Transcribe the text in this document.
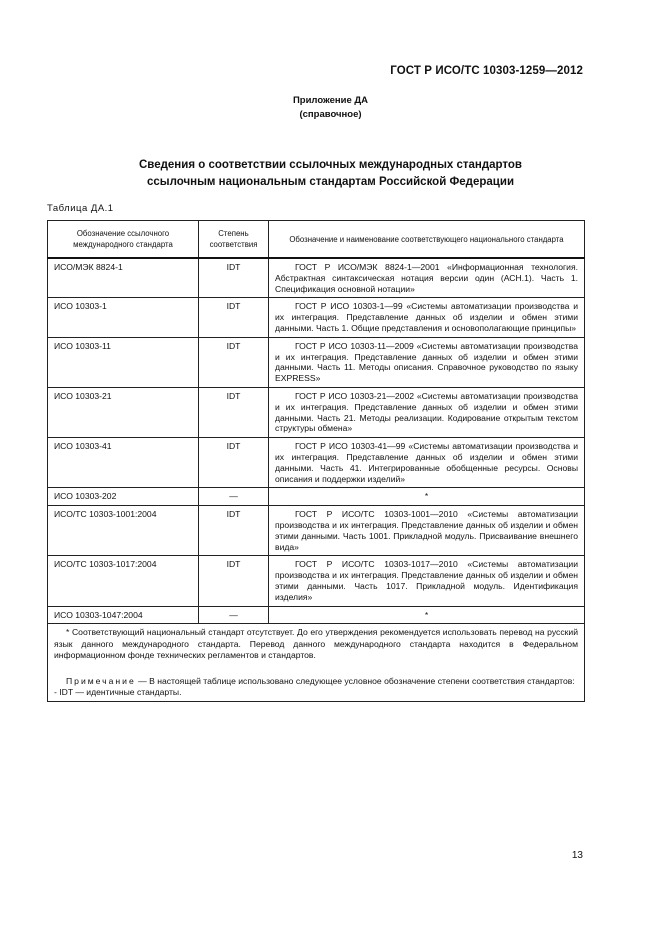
ГОСТ Р ИСО/ТС 10303-1259—2012
Приложение ДА
(справочное)
Сведения о соответствии ссылочных международных стандартов
ссылочным национальным стандартам Российской Федерации
Таблица ДА.1
Обозначение ссылочного международного стандарта	Степень соответствия	Обозначение и наименование соответствующего национального стандарта
ИСО/МЭК 8824-1	IDT	ГОСТ Р ИСО/МЭК 8824-1—2001 «Информационная технология. Абстрактная синтаксическая нотация версии один (АСН.1). Часть 1. Спецификация основной нотации»
ИСО 10303-1	IDT	ГОСТ Р ИСО 10303-1—99 «Системы автоматизации производства и их интеграция. Представление данных об изделии и обмен этими данными. Часть 1. Общие представления и основополагающие принципы»
ИСО 10303-11	IDT	ГОСТ Р ИСО 10303-11—2009 «Системы автоматизации производства и их интеграция. Представление данных об изделии и обмен этими данными. Часть 11. Методы описания. Справочное руководство по языку EXPRESS»
ИСО 10303-21	IDT	ГОСТ Р ИСО 10303-21—2002 «Системы автоматизации производства и их интеграция. Представление данных об изделии и обмен этими данными. Часть 21. Методы реализации. Кодирование открытым текстом структуры обмена»
ИСО 10303-41	IDT	ГОСТ Р ИСО 10303-41—99 «Системы автоматизации производства и их интеграция. Представление данных об изделии и обмен этими данными. Часть 41. Интегрированные обобщенные ресурсы. Основы описания и поддержки изделий»
ИСО 10303-202	—	*
ИСО/ТС 10303-1001:2004	IDT	ГОСТ Р ИСО/ТС 10303-1001—2010 «Системы автоматизации производства и их интеграция. Представление данных об изделии и обмен этими данными. Часть 1001. Прикладной модуль. Присваивание внешнего вида»
ИСО/ТС 10303-1017:2004	IDT	ГОСТ Р ИСО/ТС 10303-1017—2010 «Системы автоматизации производства и их интеграция. Представление данных об изделии и обмен этими данными. Часть 1017. Прикладной модуль. Идентификация изделия»
ИСО 10303-1047:2004	—	*

* Соответствующий национальный стандарт отсутствует. До его утверждения рекомендуется использовать перевод на русский язык данного международного стандарта. Перевод данного международного стандарта находится в Федеральном информационном фонде технических регламентов и стандартов.

Примечание — В настоящей таблице использовано следующее условное обозначение степени соответствия стандартов:

- IDT — идентичные стандарты.		

13
